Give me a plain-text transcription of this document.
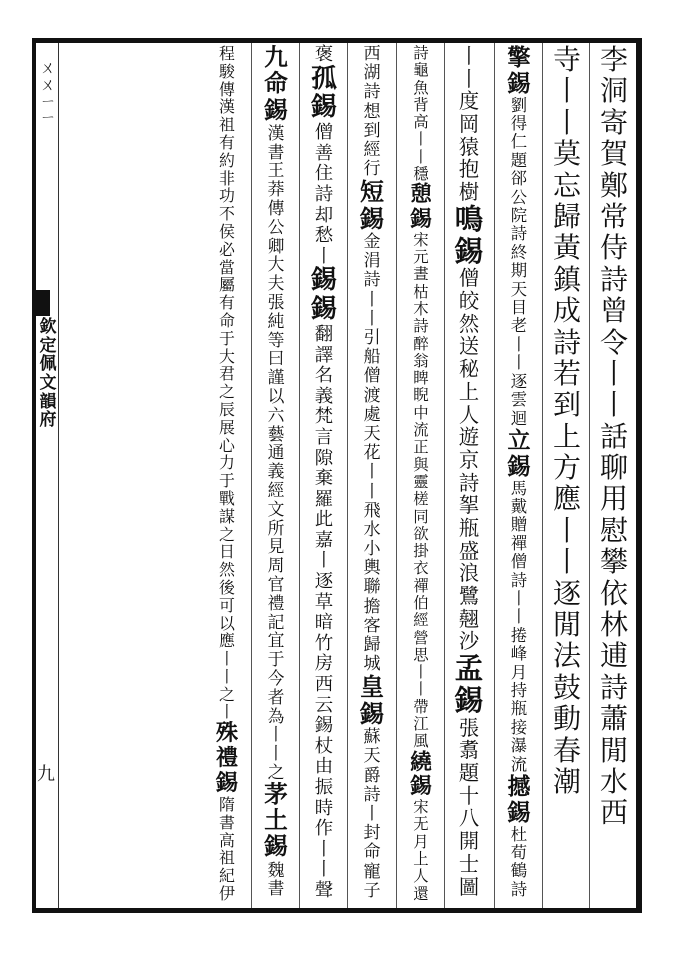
ㄨ
ㄨ
ㄧ
ㄧ
欽
定
佩
文
韻
府
九
李
洞
寄
賀
鄭
常
侍
詩
曾
令
丨
丨
話
聊
用
慰
攀
依
林
逋
詩
蕭
閒
水
西
寺
丨
丨
莫
忘
歸
黃
鎮
成
詩
若
到
上
方
應
丨
丨
逐
閒
法
鼓
動
春
潮
擎
錫
劉
得
仁
題
郤
公
院
詩
終
期
天
目
老
丨
丨
逐
雲
迴
立
錫
馬
戴
贈
禪
僧
詩
丨
丨
捲
峰
月
持
瓶
接
瀑
流
撼
錫
杜
荀
鶴
詩
丨
丨
度
岡
猿
抱
樹
鳴
錫
僧
皎
然
送
秘
上
人
遊
京
詩
挐
瓶
盛
浪
鷺
翹
沙
孟
錫
張
翥
題
十
八
開
士
圖
詩
龜
魚
背
高
丨
丨
穩
憩
錫
宋
元
晝
枯
木
詩
醉
翁
睥
睨
中
流
正
與
靈
槎
同
欲
掛
衣
禪
伯
經
營
思
丨
丨
帶
江
風
繞
錫
宋
无
月
上
人
還
西
湖
詩
想
到
經
行
短
錫
金
涓
詩
丨
丨
引
船
僧
渡
處
天
花
丨
丨
飛
水
小
輿
聯
擔
客
歸
城
皇
錫
蘇
天
爵
詩
丨
封
命
寵
子
褒
孤
錫
僧
善
住
詩
却
愁
丨
錫
錫
翻
譯
名
義
梵
言
隙
棄
羅
此
嘉
丨
逐
草
暗
竹
房
西
云
錫
杖
由
振
時
作
丨
丨
聲
九
命
錫
漢
書
王
莽
傳
公
卿
大
夫
張
純
等
曰
謹
以
六
藝
通
義
經
文
所
見
周
官
禮
記
宜
于
今
者
為
丨
丨
之
茅
土
錫
魏
書
程
駿
傳
漢
祖
有
約
非
功
不
侯
必
當
屬
有
命
于
大
君
之
辰
展
心
力
于
戰
謀
之
日
然
後
可
以
應
丨
丨
之
丨
殊
禮
錫
隋
書
高
祖
紀
伊
